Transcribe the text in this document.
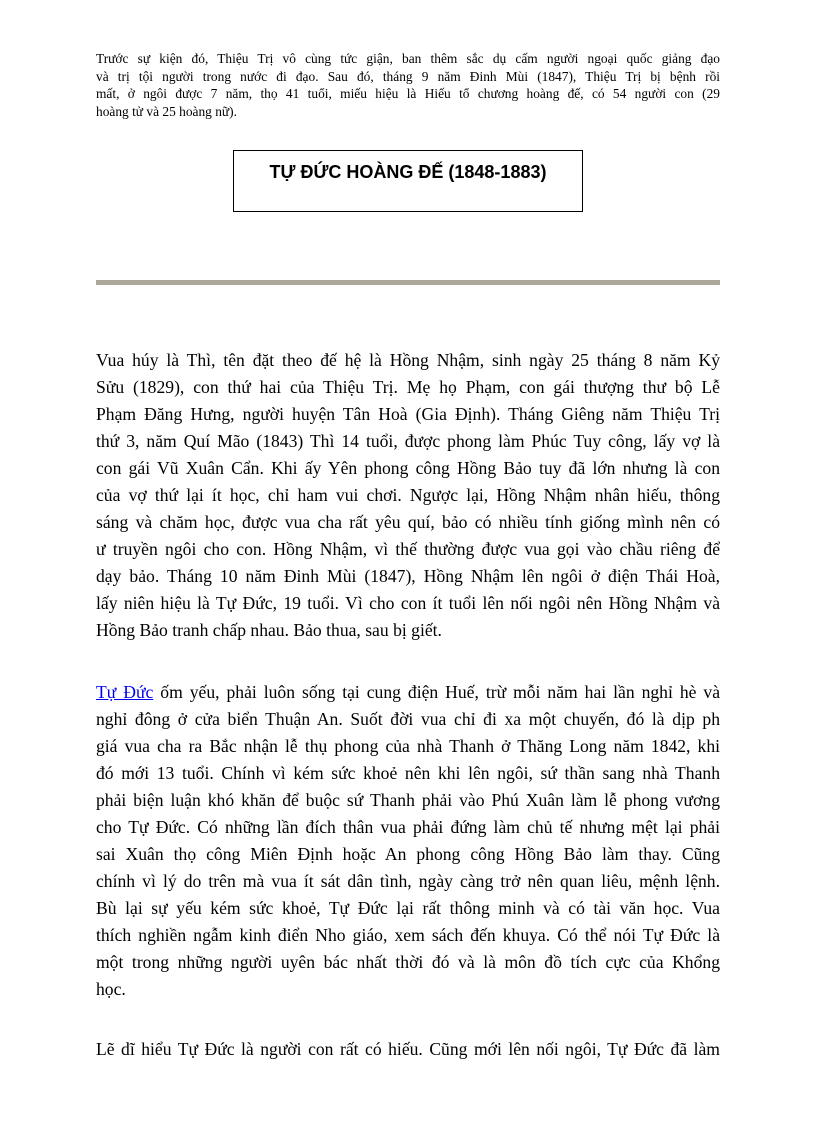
Trước sự kiện đó, Thiệu Trị vô cùng tức giận, ban thêm sắc dụ cấm người ngoại quốc giảng đạo
và trị tội người trong nước đi đạo. Sau đó, tháng 9 năm Đinh Mùi (1847), Thiệu Trị bị bệnh rồi
mất, ở ngôi được 7 năm, thọ 41 tuổi, miếu hiệu là Hiếu tổ chương hoàng đế, có 54 người con (29
hoàng tử và 25 hoàng nữ).
TỰ ĐỨC HOÀNG ĐẾ (1848-1883)
Vua húy là Thì, tên đặt theo đế hệ là Hồng Nhậm, sinh ngày 25 tháng 8 năm Kỷ
Sửu (1829), con thứ hai của Thiệu Trị. Mẹ họ Phạm, con gái thượng thư bộ Lễ
Phạm Đăng Hưng, người huyện Tân Hoà (Gia Định). Tháng Giêng năm Thiệu Trị
thứ 3, năm Quí Mão (1843) Thì 14 tuổi, được phong làm Phúc Tuy công, lấy vợ là
con gái Vũ Xuân Cẩn. Khi ấy Yên phong công Hồng Bảo tuy đã lớn nhưng là con
của vợ thứ lại ít học, chỉ ham vui chơi. Ngược lại, Hồng Nhậm nhân hiếu, thông
sáng và chăm học, được vua cha rất yêu quí, bảo có nhiều tính giống mình nên có
ư truyền ngôi cho con. Hồng Nhậm, vì thế thường được vua gọi vào chầu riêng để
dạy bảo. Tháng 10 năm Đinh Mùi (1847), Hồng Nhậm lên ngôi ở điện Thái Hoà,
lấy niên hiệu là Tự Đức, 19 tuổi. Vì cho con ít tuổi lên nối ngôi nên Hồng Nhậm và
Hồng Bảo tranh chấp nhau. Bảo thua, sau bị giết.
Tự Đức ốm yếu, phải luôn sống tại cung điện Huế, trừ mỗi năm hai lần nghỉ hè và
nghỉ đông ở cửa biển Thuận An. Suốt đời vua chỉ đi xa một chuyến, đó là dịp ph
giá vua cha ra Bắc nhận lễ thụ phong của nhà Thanh ở Thăng Long năm 1842, khi
đó mới 13 tuổi. Chính vì kém sức khoẻ nên khi lên ngôi, sứ thần sang nhà Thanh
phải biện luận khó khăn để buộc sứ Thanh phải vào Phú Xuân làm lễ phong vương
cho Tự Đức. Có những lần đích thân vua phải đứng làm chủ tế nhưng mệt lại phải
sai Xuân thọ công Miên Định hoặc An phong công Hồng Bảo làm thay. Cũng
chính vì lý do trên mà vua ít sát dân tình, ngày càng trở nên quan liêu, mệnh lệnh.
Bù lại sự yếu kém sức khoẻ, Tự Đức lại rất thông minh và có tài văn học. Vua
thích nghiền ngẫm kinh điển Nho giáo, xem sách đến khuya. Có thể nói Tự Đức là
một trong những người uyên bác nhất thời đó và là môn đồ tích cực của Khổng
học.
Lẽ dĩ hiểu Tự Đức là người con rất có hiếu. Cũng mới lên nối ngôi, Tự Đức đã làm
